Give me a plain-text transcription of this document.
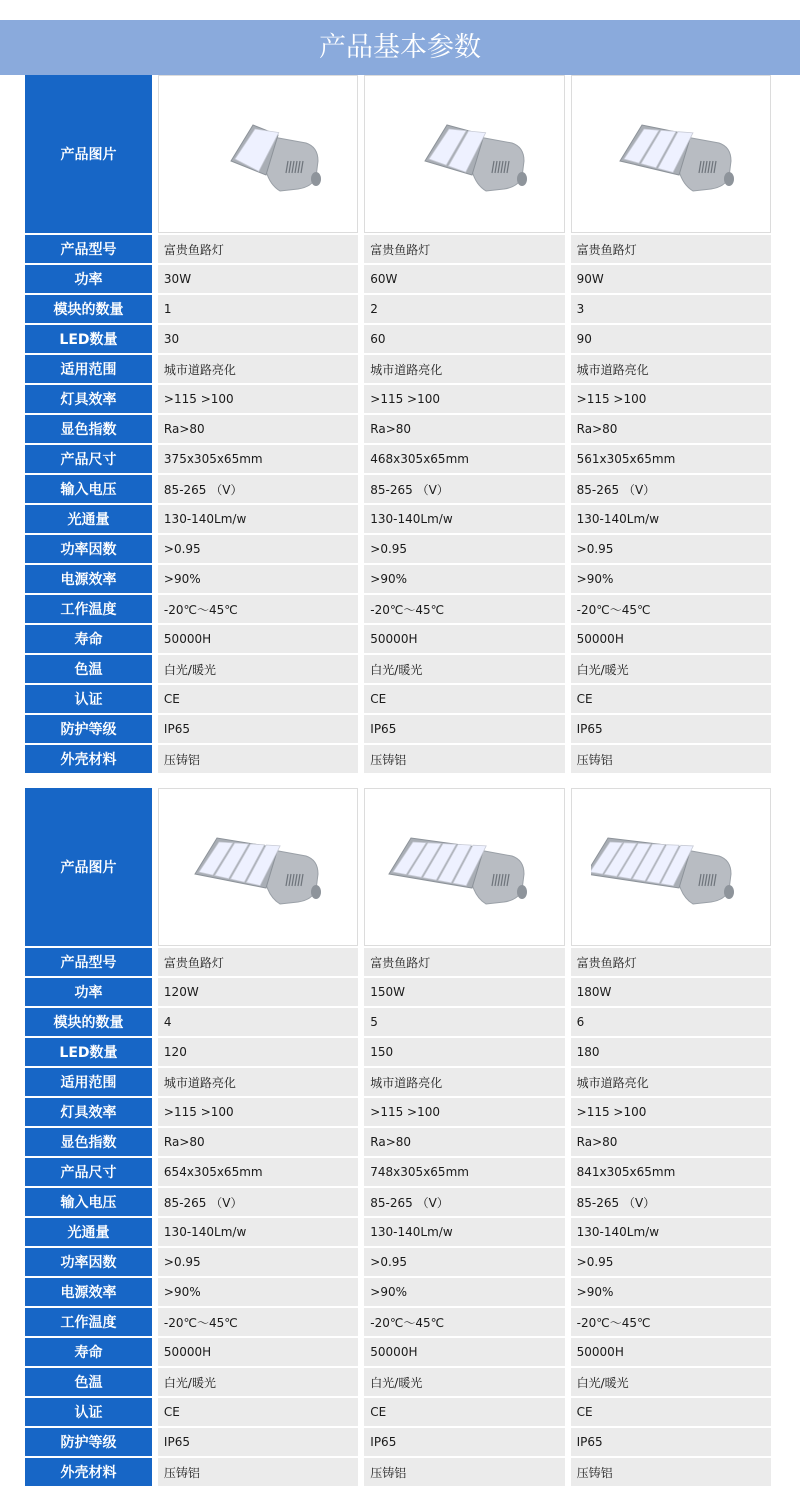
产品基本参数
产品图片
产品型号	富贵鱼路灯	富贵鱼路灯	富贵鱼路灯
功率	30W	60W	90W
模块的数量	1	2	3
LED数量	30	60	90
适用范围	城市道路亮化	城市道路亮化	城市道路亮化
灯具效率	>115 >100	>115 >100	>115 >100
显色指数	Ra>80	Ra>80	Ra>80
产品尺寸	375x305x65mm	468x305x65mm	561x305x65mm
输入电压	85-265 （V）	85-265 （V）	85-265 （V）
光通量	130-140Lm/w	130-140Lm/w	130-140Lm/w
功率因数	>0.95	>0.95	>0.95
电源效率	>90%	>90%	>90%
工作温度	-20℃～45℃	-20℃～45℃	-20℃～45℃
寿命	50000H	50000H	50000H
色温	白光/暖光	白光/暖光	白光/暖光
认证	CE	CE	CE
防护等级	IP65	IP65	IP65
外壳材料	压铸铝	压铸铝	压铸铝
产品图片
产品型号	富贵鱼路灯	富贵鱼路灯	富贵鱼路灯
功率	120W	150W	180W
模块的数量	4	5	6
LED数量	120	150	180
适用范围	城市道路亮化	城市道路亮化	城市道路亮化
灯具效率	>115 >100	>115 >100	>115 >100
显色指数	Ra>80	Ra>80	Ra>80
产品尺寸	654x305x65mm	748x305x65mm	841x305x65mm
输入电压	85-265 （V）	85-265 （V）	85-265 （V）
光通量	130-140Lm/w	130-140Lm/w	130-140Lm/w
功率因数	>0.95	>0.95	>0.95
电源效率	>90%	>90%	>90%
工作温度	-20℃～45℃	-20℃～45℃	-20℃～45℃
寿命	50000H	50000H	50000H
色温	白光/暖光	白光/暖光	白光/暖光
认证	CE	CE	CE
防护等级	IP65	IP65	IP65
外壳材料	压铸铝	压铸铝	压铸铝
